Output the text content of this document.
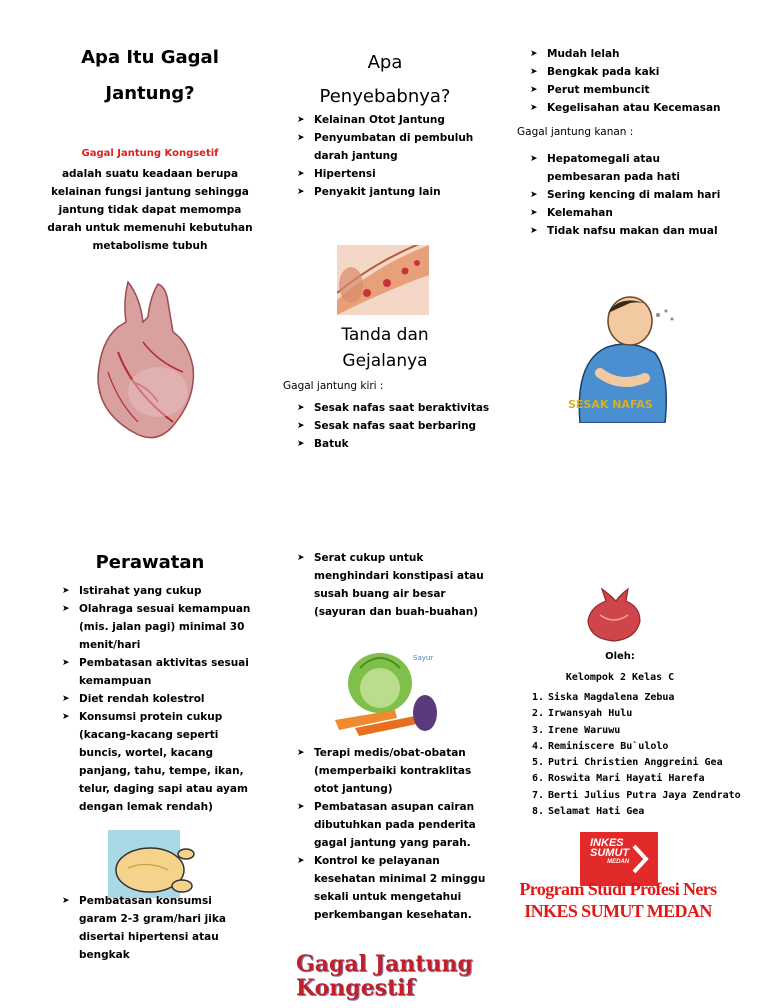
Apa Itu Gagal
Jantung?
Gagal Jantung Kongsetif
adalah suatu keadaan berupa
kelainan fungsi jantung sehingga
jantung tidak dapat memompa
darah untuk memenuhi kebutuhan
metabolisme tubuh
Perawatan
➤ Istirahat yang cukup
➤ Olahraga sesuai kemampuan (mis. jalan pagi) minimal 30 menit/hari
➤ Pembatasan aktivitas sesuai kemampuan
➤ Diet rendah kolestrol
➤ Konsumsi protein cukup (kacang-kacang seperti buncis, wortel, kacang panjang, tahu, tempe, ikan, telur, daging sapi atau ayam dengan lemak rendah)
➤ Pembatasan konsumsi garam 2-3 gram/hari jika disertai hipertensi atau bengkak
Apa
Penyebabnya?
➤ Kelainan Otot Jantung
➤ Penyumbatan di pembuluh darah jantung
➤ Hipertensi
➤ Penyakit jantung lain
Tanda dan
Gejalanya
Gagal jantung kiri :
➤ Sesak nafas saat beraktivitas
➤ Sesak nafas saat berbaring
➤ Batuk
➤ Serat cukup untuk menghindari konstipasi atau susah buang air besar (sayuran dan buah-buahan)
Sayur
➤ Terapi medis/obat-obatan (memperbaiki kontraklitas otot jantung)
➤ Pembatasan asupan cairan dibutuhkan pada penderita gagal jantung yang parah.
➤ Kontrol ke pelayanan kesehatan minimal 2 minggu sekali untuk mengetahui perkembangan kesehatan.
Gagal Jantung
Kongestif
➤ Mudah lelah
➤ Bengkak pada kaki
➤ Perut membuncit
➤ Kegelisahan atau Kecemasan
Gagal jantung kanan :
➤ Hepatomegali atau pembesaran pada hati
➤ Sering kencing di malam hari
➤ Kelemahan
➤ Tidak nafsu makan dan mual
SESAK NAFAS
Oleh:
Kelompok 2 Kelas C
1. Siska Magdalena Zebua
2. Irwansyah Hulu
3. Irene Waruwu
4. Reminiscere Bu`ulolo
5. Putri Christien Anggreini Gea
6. Roswita Mari Hayati Harefa
7. Berti Julius Putra Jaya Zendrato
8. Selamat Hati Gea
INKES
SUMUT
MEDAN
Program Studi Profesi Ners
INKES SUMUT MEDAN
